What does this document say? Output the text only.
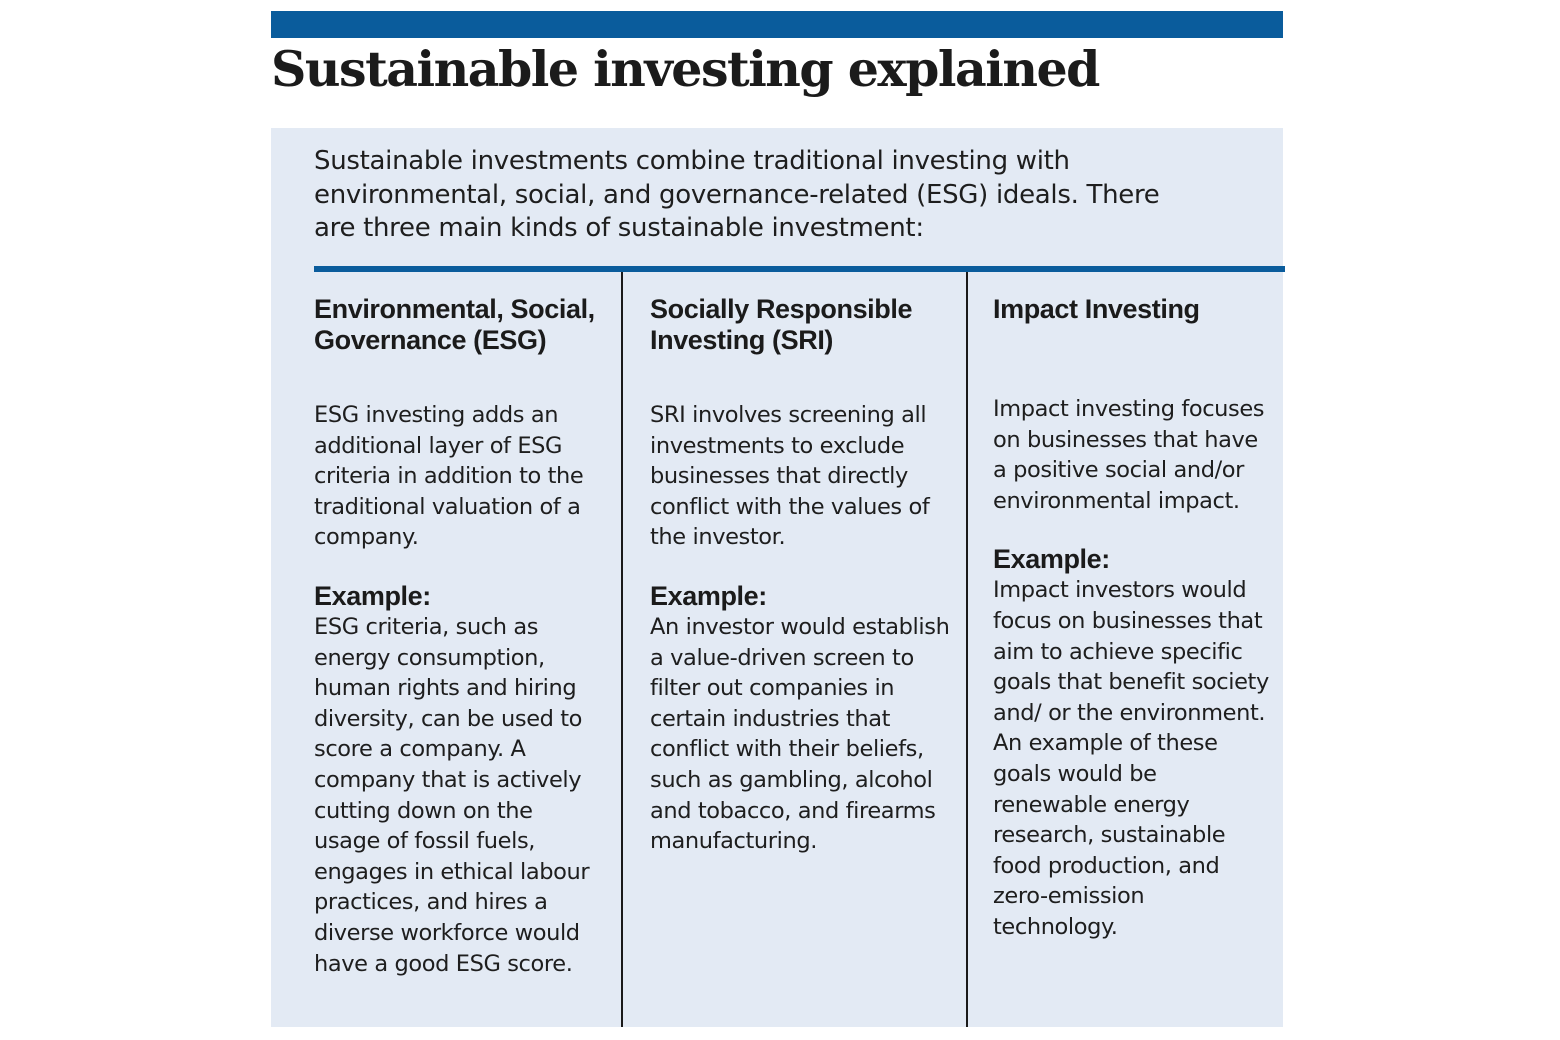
Sustainable investing explained

Sustainable investments combine traditional investing with environmental, social, and governance-related (ESG) ideals. There are three main kinds of sustainable investment:

Environmental, Social, Governance (ESG)

ESG investing adds an additional layer of ESG criteria in addition to the traditional valuation of a company.

Example:

ESG criteria, such as energy consumption, human rights and hiring diversity, can be used to score a company. A company that is actively cutting down on the usage of fossil fuels, engages in ethical labour practices, and hires a diverse workforce would have a good ESG score.

Socially Responsible Investing (SRI)

SRI involves screening all investments to exclude businesses that directly conflict with the values of the investor.

Example:

An investor would establish a value-driven screen to filter out companies in certain industries that conflict with their beliefs, such as gambling, alcohol and tobacco, and firearms manufacturing.

Impact Investing

Impact investing focuses on businesses that have a positive social and/or environmental impact.

Example:

Impact investors would focus on businesses that aim to achieve specific goals that benefit society and/ or the environment. An example of these goals would be renewable energy research, sustainable food production, and zero-emission technology.
